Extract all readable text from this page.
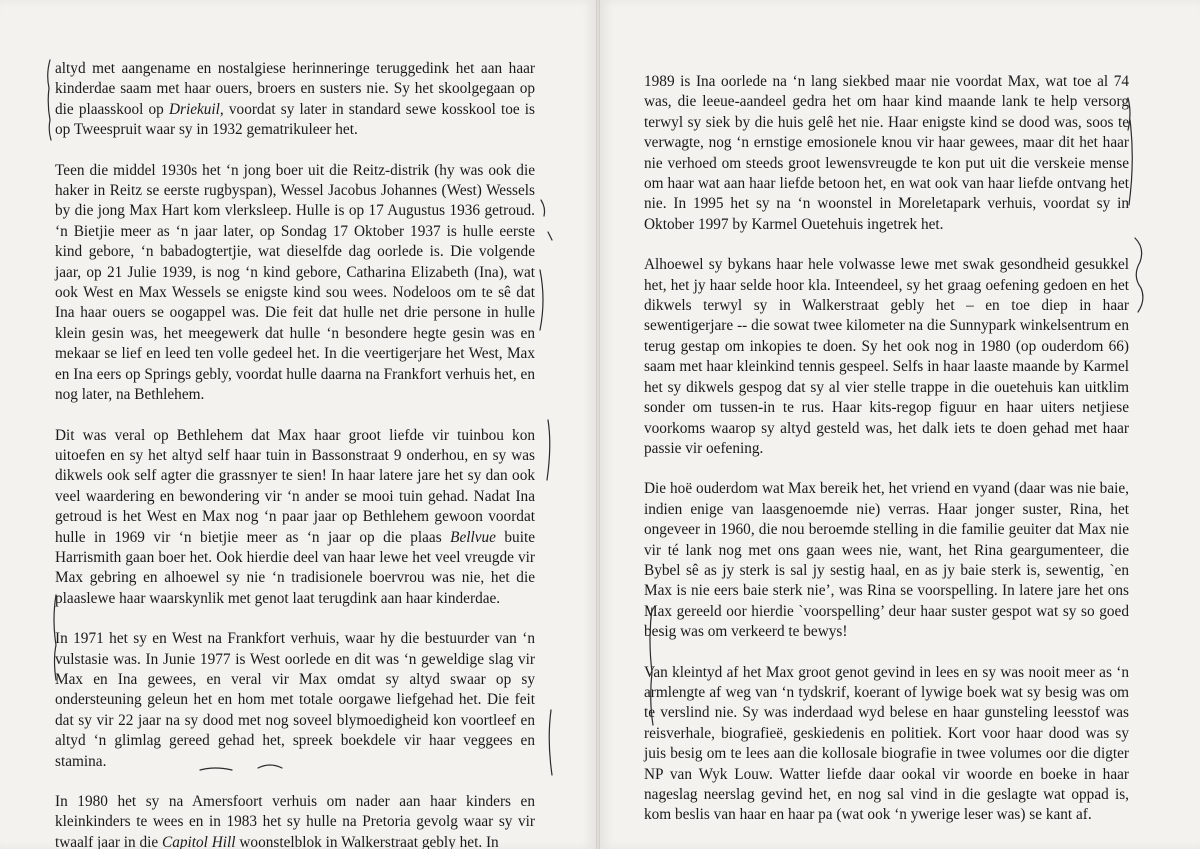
altyd met aangename en nostalgiese herinneringe teruggedink het aan haar kinderdae saam met haar ouers, broers en susters nie. Sy het skoolgegaan op die plaasskool op Driekuil, voordat sy later in standard sewe kosskool toe is op Tweespruit waar sy in 1932 gematrikuleer het.

Teen die middel 1930s het ‘n jong boer uit die Reitz-distrik (hy was ook die haker in Reitz se eerste rugbyspan), Wessel Jacobus Johannes (West) Wessels by die jong Max Hart kom vlerksleep. Hulle is op 17 Augustus 1936 getroud. ‘n Bietjie meer as ‘n jaar later, op Sondag 17 Oktober 1937 is hulle eerste kind gebore, ‘n babadogtertjie, wat dieselfde dag oorlede is. Die volgende jaar, op 21 Julie 1939, is nog ‘n kind gebore, Catharina Elizabeth (Ina), wat ook West en Max Wessels se enigste kind sou wees. Nodeloos om te sê dat Ina haar ouers se oogappel was. Die feit dat hulle net drie persone in hulle klein gesin was, het meegewerk dat hulle ‘n besondere hegte gesin was en mekaar se lief en leed ten volle gedeel het. In die veertigerjare het West, Max en Ina eers op Springs gebly, voordat hulle daarna na Frankfort verhuis het, en nog later, na Bethlehem.

Dit was veral op Bethlehem dat Max haar groot liefde vir tuinbou kon uitoefen en sy het altyd self haar tuin in Bassonstraat 9 onderhou, en sy was dikwels ook self agter die grassnyer te sien! In haar latere jare het sy dan ook veel waardering en bewondering vir ‘n ander se mooi tuin gehad. Nadat Ina getroud is het West en Max nog ‘n paar jaar op Bethlehem gewoon voordat hulle in 1969 vir ‘n bietjie meer as ‘n jaar op die plaas Bellvue buite Harrismith gaan boer het. Ook hierdie deel van haar lewe het veel vreugde vir Max gebring en alhoewel sy nie ‘n tradisionele boervrou was nie, het die plaaslewe haar waarskynlik met genot laat terugdink aan haar kinderdae.

In 1971 het sy en West na Frankfort verhuis, waar hy die bestuurder van ‘n vulstasie was. In Junie 1977 is West oorlede en dit was ‘n geweldige slag vir Max en Ina gewees, en veral vir Max omdat sy altyd swaar op sy ondersteuning geleun het en hom met totale oorgawe liefgehad het. Die feit dat sy vir 22 jaar na sy dood met nog soveel blymoedigheid kon voortleef en altyd ‘n glimlag gereed gehad het, spreek boekdele vir haar veggees en stamina.

In 1980 het sy na Amersfoort verhuis om nader aan haar kinders en kleinkinders te wees en in 1983 het sy hulle na Pretoria gevolg waar sy vir twaalf jaar in die Capitol Hill woonstelblok in Walkerstraat gebly het. In

1989 is Ina oorlede na ‘n lang siekbed maar nie voordat Max, wat toe al 74 was, die leeue-aandeel gedra het om haar kind maande lank te help versorg terwyl sy siek by die huis gelê het nie. Haar enigste kind se dood was, soos te verwagte, nog ‘n ernstige emosionele knou vir haar gewees, maar dit het haar nie verhoed om steeds groot lewensvreugde te kon put uit die verskeie mense om haar wat aan haar liefde betoon het, en wat ook van haar liefde ontvang het nie. In 1995 het sy na ‘n woonstel in Moreletapark verhuis, voordat sy in Oktober 1997 by Karmel Ouetehuis ingetrek het.

Alhoewel sy bykans haar hele volwasse lewe met swak gesondheid gesukkel het, het jy haar selde hoor kla. Inteendeel, sy het graag oefening gedoen en het dikwels terwyl sy in Walkerstraat gebly het – en toe diep in haar sewentigerjare -- die sowat twee kilometer na die Sunnypark winkelsentrum en terug gestap om inkopies te doen. Sy het ook nog in 1980 (op ouderdom 66) saam met haar kleinkind tennis gespeel. Selfs in haar laaste maande by Karmel het sy dikwels gespog dat sy al vier stelle trappe in die ouetehuis kan uitklim sonder om tussen-in te rus. Haar kits-regop figuur en haar uiters netjiese voorkoms waarop sy altyd gesteld was, het dalk iets te doen gehad met haar passie vir oefening.

Die hoë ouderdom wat Max bereik het, het vriend en vyand (daar was nie baie, indien enige van laasgenoemde nie) verras. Haar jonger suster, Rina, het ongeveer in 1960, die nou beroemde stelling in die familie geuiter dat Max nie vir té lank nog met ons gaan wees nie, want, het Rina geargumenteer, die Bybel sê as jy sterk is sal jy sestig haal, en as jy baie sterk is, sewentig, `en Max is nie eers baie sterk nie’, was Rina se voorspelling. In latere jare het ons Max gereeld oor hierdie `voorspelling’ deur haar suster gespot wat sy so goed besig was om verkeerd te bewys!

Van kleintyd af het Max groot genot gevind in lees en sy was nooit meer as ‘n armlengte af weg van ‘n tydskrif, koerant of lywige boek wat sy besig was om te verslind nie. Sy was inderdaad wyd belese en haar gunsteling leesstof was reisverhale, biografieë, geskiedenis en politiek. Kort voor haar dood was sy juis besig om te lees aan die kollosale biografie in twee volumes oor die digter NP van Wyk Louw. Watter liefde daar ookal vir woorde en boeke in haar nageslag neerslag gevind het, en nog sal vind in die geslagte wat oppad is, kom beslis van haar en haar pa (wat ook ‘n ywerige leser was) se kant af.
